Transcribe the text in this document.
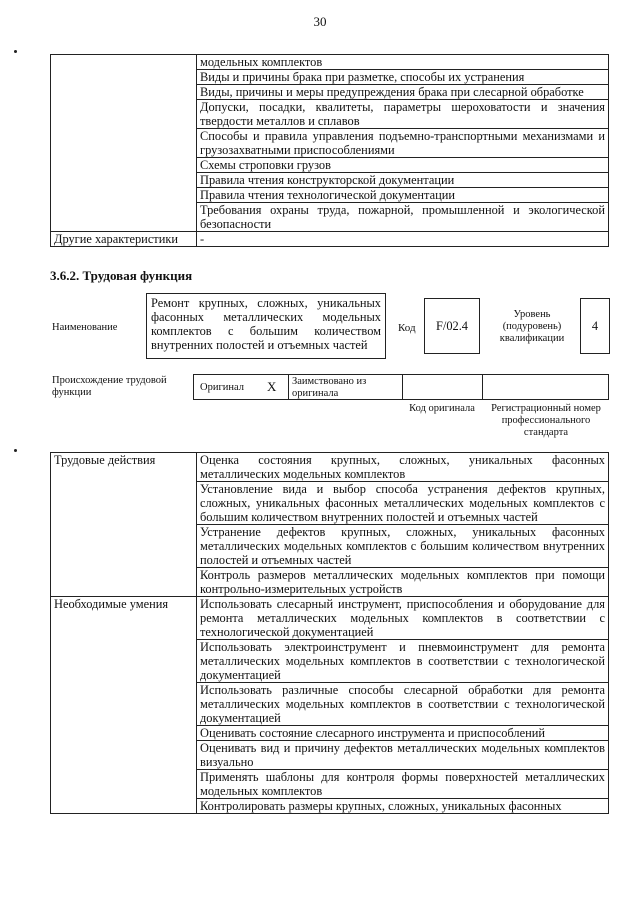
30
	модельных комплектов
	Виды и причины брака при разметке, способы их устранения
	Виды, причины и меры предупреждения брака при слесарной обработке
	Допуски, посадки, квалитеты, параметры шероховатости и значения твердости металлов и сплавов
	Способы и правила управления подъемно-транспортными механизмами и грузозахватными приспособлениями
	Схемы строповки грузов
	Правила чтения конструкторской документации
	Правила чтения технологической документации
	Требования охраны труда, пожарной, промышленной и экологической безопасности
Другие характеристики	-
3.6.2. Трудовая функция
Наименование
Ремонт крупных, сложных, уникальных фасонных металлических модельных комплектов с большим количеством внутренних полостей и отъемных частей
Код	F/02.4
Уровень (подуровень) квалификации
4
Происхождение трудовой функции	Оригинал X Заимствовано из оригинала
Код оригинала	Регистрационный номер профессионального стандарта
Трудовые действия	Оценка состояния крупных, сложных, уникальных фасонных металлических модельных комплектов
	Установление вида и выбор способа устранения дефектов крупных, сложных, уникальных фасонных металлических модельных комплектов с большим количеством внутренних полостей и отъемных частей
	Устранение дефектов крупных, сложных, уникальных фасонных металлических модельных комплектов с большим количеством внутренних полостей и отъемных частей
	Контроль размеров металлических модельных комплектов при помощи контрольно-измерительных устройств
Необходимые умения	Использовать слесарный инструмент, приспособления и оборудование для ремонта металлических модельных комплектов в соответствии с технологической документацией
	Использовать электроинструмент и пневмоинструмент для ремонта металлических модельных комплектов в соответствии с технологической документацией
	Использовать различные способы слесарной обработки для ремонта металлических модельных комплектов в соответствии с технологической документацией
	Оценивать состояние слесарного инструмента и приспособлений
	Оценивать вид и причину дефектов металлических модельных комплектов визуально
	Применять шаблоны для контроля формы поверхностей металлических модельных комплектов
	Контролировать размеры крупных, сложных, уникальных фасонных
